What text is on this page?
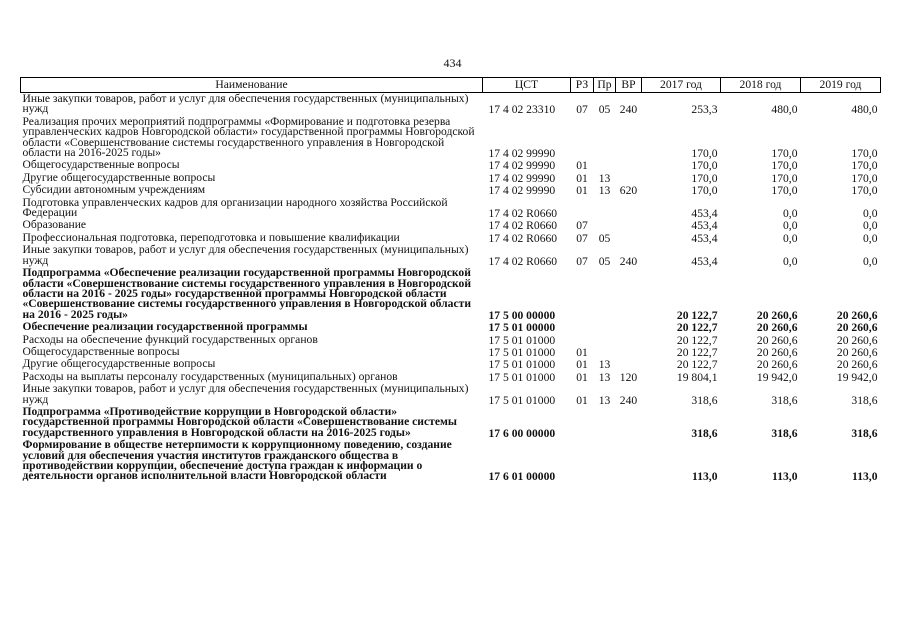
434
Наименование	ЦСТ	РЗ	Пр	ВР	2017 год	2018 год	2019 год
Иные закупки товаров, работ и услуг для обеспечения государственных (муниципальных) нужд	17 4 02 23310	07	05	240	253,3	480,0	480,0
Реализация прочих мероприятий подпрограммы «Формирование и подготовка резерва управленческих кадров Новгородской области» государственной программы Новгородской области «Совершенствование системы государственного управления в Новгородской области на 2016-2025 годы»	17 4 02 99990				170,0	170,0	170,0
Общегосударственные вопросы	17 4 02 99990	01			170,0	170,0	170,0
Другие общегосударственные вопросы	17 4 02 99990	01	13		170,0	170,0	170,0
Субсидии автономным учреждениям	17 4 02 99990	01	13	620	170,0	170,0	170,0
Подготовка управленческих кадров для организации народного хозяйства Российской Федерации	17 4 02 R0660				453,4	0,0	0,0
Образование	17 4 02 R0660	07			453,4	0,0	0,0
Профессиональная подготовка, переподготовка и повышение квалификации	17 4 02 R0660	07	05		453,4	0,0	0,0
Иные закупки товаров, работ и услуг для обеспечения государственных (муниципальных) нужд	17 4 02 R0660	07	05	240	453,4	0,0	0,0
Подпрограмма «Обеспечение реализации государственной программы Новгородской области «Совершенствование системы государственного управления в Новгородской области на 2016 - 2025 годы» государственной программы Новгородской области «Совершенствование системы государственного управления в Новгородской области на 2016 - 2025 годы»	17 5 00 00000				20 122,7	20 260,6	20 260,6
Обеспечение реализации государственной программы	17 5 01 00000				20 122,7	20 260,6	20 260,6
Расходы на обеспечение функций государственных органов	17 5 01 01000				20 122,7	20 260,6	20 260,6
Общегосударственные вопросы	17 5 01 01000	01			20 122,7	20 260,6	20 260,6
Другие общегосударственные вопросы	17 5 01 01000	01	13		20 122,7	20 260,6	20 260,6
Расходы на выплаты персоналу государственных (муниципальных) органов	17 5 01 01000	01	13	120	19 804,1	19 942,0	19 942,0
Иные закупки товаров, работ и услуг для обеспечения государственных (муниципальных) нужд	17 5 01 01000	01	13	240	318,6	318,6	318,6
Подпрограмма «Противодействие коррупции в Новгородской области» государственной программы Новгородской области «Совершенствование системы государственного управления в Новгородской области на 2016-2025 годы»	17 6 00 00000				318,6	318,6	318,6
Формирование в обществе нетерпимости к коррупционному поведению, создание условий для обеспечения участия институтов гражданского общества в противодействии коррупции, обеспечение доступа граждан к информации о деятельности органов исполнительной власти Новгородской области	17 6 01 00000				113,0	113,0	113,0
